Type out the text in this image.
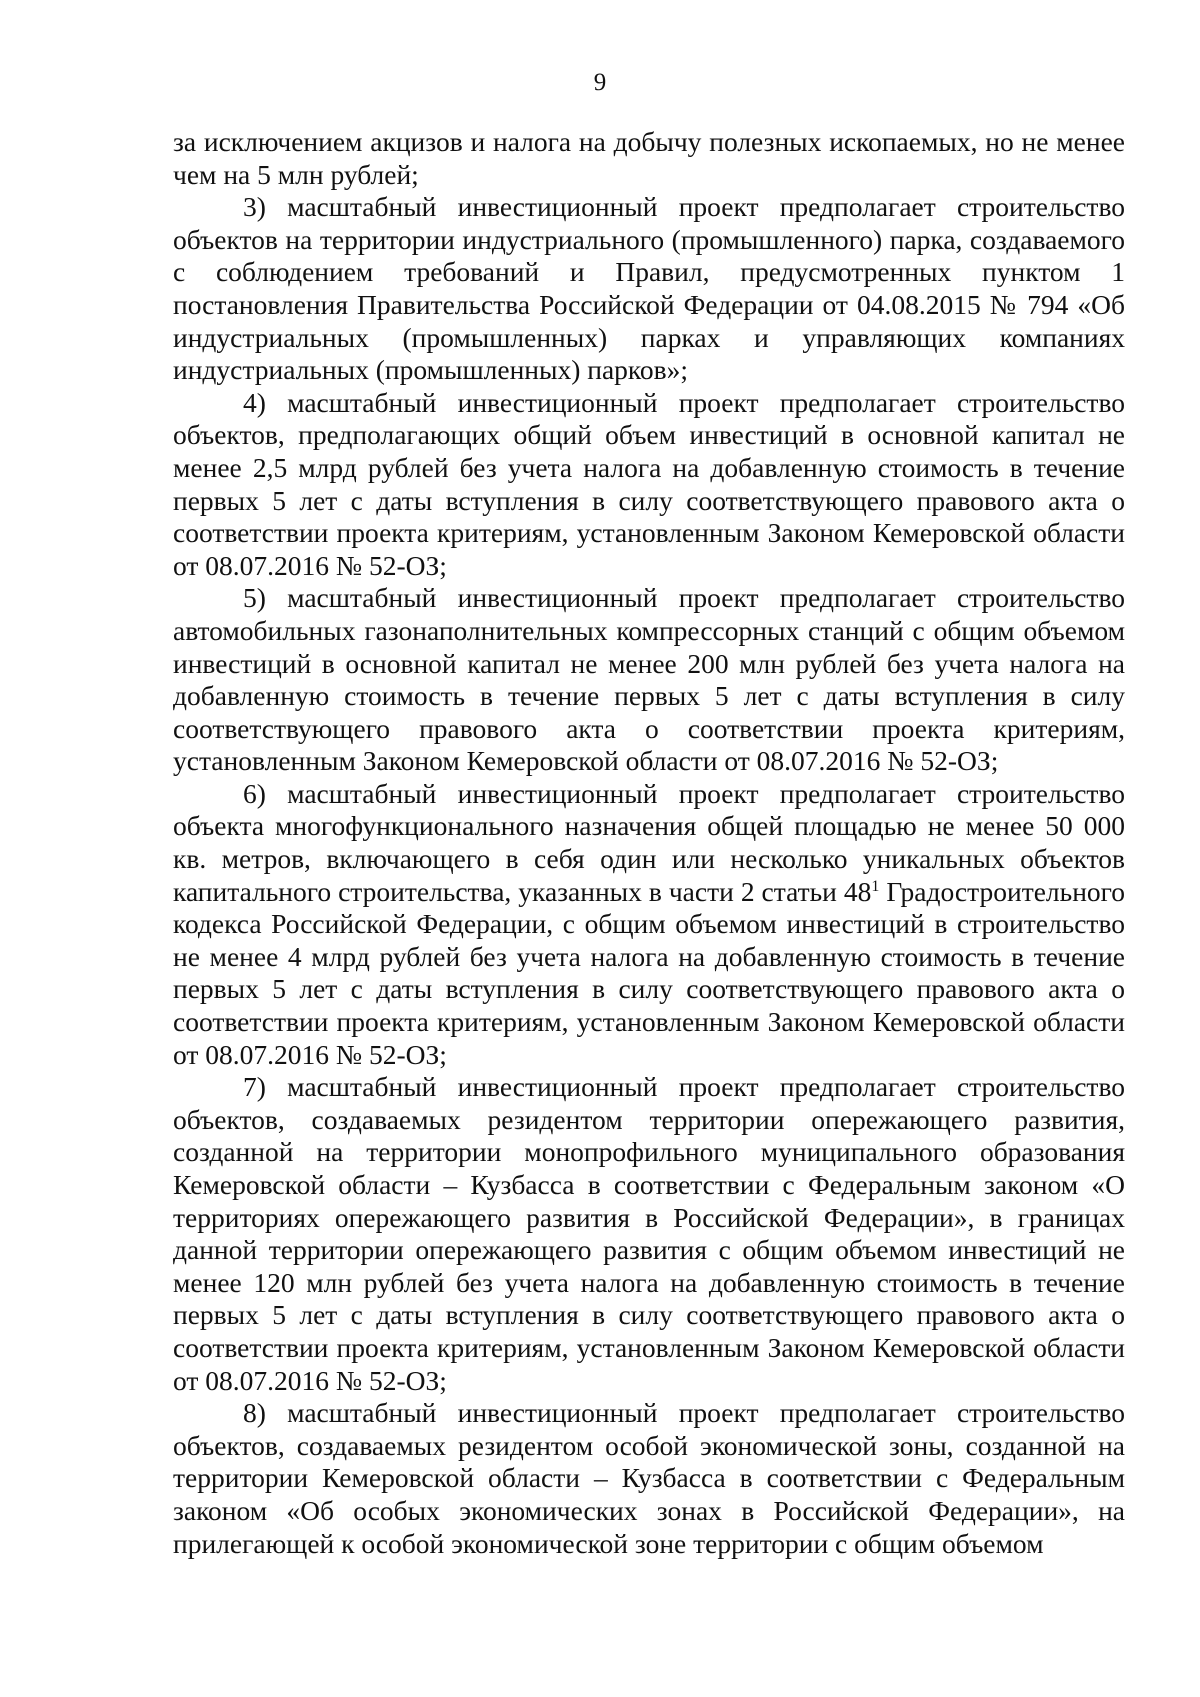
9

за исключением акцизов и налога на добычу полезных ископаемых, но не менее чем на 5 млн рублей;

3) масштабный инвестиционный проект предполагает строительство объектов на территории индустриального (промышленного) парка, создаваемого с соблюдением требований и Правил, предусмотренных пунктом 1 постановления Правительства Российской Федерации от 04.08.2015 № 794 «Об индустриальных (промышленных) парках и управляющих компаниях индустриальных (промышленных) парков»;

4) масштабный инвестиционный проект предполагает строительство объектов, предполагающих общий объем инвестиций в основной капитал не менее 2,5 млрд рублей без учета налога на добавленную стоимость в течение первых 5 лет с даты вступления в силу соответствующего правового акта о соответствии проекта критериям, установленным Законом Кемеровской области от 08.07.2016 № 52-ОЗ;

5) масштабный инвестиционный проект предполагает строительство автомобильных газонаполнительных компрессорных станций с общим объемом инвестиций в основной капитал не менее 200 млн рублей без учета налога на добавленную стоимость в течение первых 5 лет с даты вступления в силу соответствующего правового акта о соответствии проекта критериям, установленным Законом Кемеровской области от 08.07.2016 № 52-ОЗ;

6) масштабный инвестиционный проект предполагает строительство объекта многофункционального назначения общей площадью не менее 50 000 кв. метров, включающего в себя один или несколько уникальных объектов капитального строительства, указанных в части 2 статьи $48^1$ Градостроительного кодекса Российской Федерации, с общим объемом инвестиций в строительство не менее 4 млрд рублей без учета налога на добавленную стоимость в течение первых 5 лет с даты вступления в силу соответствующего правового акта о соответствии проекта критериям, установленным Законом Кемеровской области от 08.07.2016 № 52-ОЗ;

7) масштабный инвестиционный проект предполагает строительство объектов, создаваемых резидентом территории опережающего развития, созданной на территории монопрофильного муниципального образования Кемеровской области – Кузбасса в соответствии с Федеральным законом «О территориях опережающего развития в Российской Федерации», в границах данной территории опережающего развития с общим объемом инвестиций не менее 120 млн рублей без учета налога на добавленную стоимость в течение первых 5 лет с даты вступления в силу соответствующего правового акта о соответствии проекта критериям, установленным Законом Кемеровской области от 08.07.2016 № 52-ОЗ;

8) масштабный инвестиционный проект предполагает строительство объектов, создаваемых резидентом особой экономической зоны, созданной на территории Кемеровской области – Кузбасса в соответствии с Федеральным законом «Об особых экономических зонах в Российской Федерации», на прилегающей к особой экономической зоне территории с общим объемом
